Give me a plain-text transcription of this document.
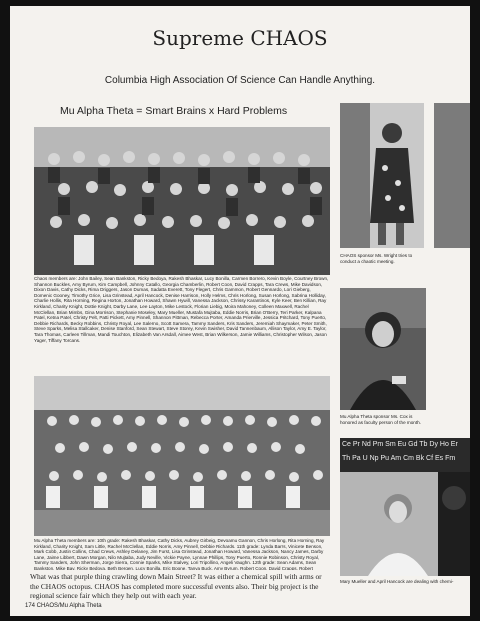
Supreme CHAOS
Columbia High Association Of Science Can Handle Anything.
Mu Alpha Theta = Smart Brains x Hard Problems
Chaos members are: John Bailey, Sean Bankston, Ricky Bedoya, Rakesh Bhaskar, Lucy Bonilla, Carmen Borrero, Kevin Boyle, Courtney Brown, Shannon Buckles, Amy Byrum, Kim Campbell, Johnny Catallo, Georgia Chamberlin, Robert Coon, David Crapps, Tara Crews, Mike Davidson, Dixon Davis, Cathy Dicks, Rima Driggers, Jason Dumas, Sadatta Everett, Tony Flegert, Chris Gammon, Robert Gennardo, Lori Gieberg, Domenic Gooney, Timothy Grice, Lisa Grinstead, April Hancock, Denise Harrison, Holly Helms, Chris Horlong, Susan Horlong, Sabrina Holliday, Charlie Hollis, Rita Horning, Regina Horton, Jonathan Howard, Shawn Hywill, Vanessa Jackson, Chrissy Karantinos, Kyle Keer, Ben Killian, Ray Kirkland, Charity Knight, Dottie Knight, Darby Lane, Lee Layton, Mike Lestock, Florian Liebig, Moira Mahoney, Colleen Maxwell, Rachel McClellan, Brian Mimbs, Gina Morrison, Stephanie Moseley, Mary Mueller, Mustafa Mujtaba, Eddie Norris, Brian O'Berry, Teri Parker, Kalpana Patel, Ketna Patel, Christy Pelt, Patti Pickett, Amy Pinnell, Shannon Pittman, Rebecca Porter, Amanda Prierville, Jessica Pritchard, Tony Puerto, Debbie Richards, Becky Robbins, Christy Royal, Lee Salerno, Scott Samera, Tammy Sanders, Kris Sanders, Jeremiah Shaymaker, Peter Smith, Steve Sparks, Melisa Stallcaker, Denise Stanford, Sean Stewart, Steve Storey, Kevin Swisher, David Tannenbaum, Allison Taylor, Amy E. Taylor, Tara Thomas, Carleen Tillman, Mandi Touchton, Elizabeth Van Arsdall, Aimee West, Brian Wilkerson, Jamie Williams, Christopher Wilson, Jason Yager, Tiffany Torcans.
CHAOS sponsor Ms. Wright tries to conduct a chaotic meeting.
Mu Alpha Theta sponsor Ms. Cox is honored as faculty person of the month.
Mu Alpha Theta members are: 10th grade: Rakesh Bhaskar, Cathy Dicks, Aubrey Girbeig, Devoamu Gannon, Chris Horlong, Rita Horning, Ray Kirkland, Charity Knight, Sam Little, Rachel McClellan, Eddie Norris, Amy Pinnell, Debbie Richards. 11th grade: Lynda Barrs, Vinicete Benson, Mark Cobb, Justin Collins, Chad Crews, Ashley Delaney, Jim Furst, Lisa Grinstead, Jonathan Howard, Vanessa Jackson, Nancy James, Darby Lane, Jaime Libbert, Dawn Morgan, Nilo Mujtaba, Judy Neville, Vickie Payne, Lynnae Phillips, Tony Puerto, Ronnie Robinson, Christy Royal, Tammy Sanders, John Sherman, Jorge Sierra, Connie Sparks, Mike Stalvey, Lori Tripollino, Angeli Vaughn. 12th grade: Sean Adams, Sean Bankston, Mike Bay, Ricky Bedoya, Beth Bergen, Lucy Bonilla, Eric Boone, Tanya Buck, Amy Byrum, Robert Coon, David Crapps, Robert
Ce Pr Nd Pm Sm Eu Gd Tb Dy Ho Er
Th Pa U Np Pu Am Cm Bk Cf Es Fm
Mary Mueller and April Hancock are dealing with chemi-
What was that purple thing crawling down Main Street? It was either a chemical spill with arms or the CHAOS octopus. CHAOS has completed more successful events also. Their big project is the regional science fair which they help out with each year.
174 CHAOS/Mu Alpha Theta
